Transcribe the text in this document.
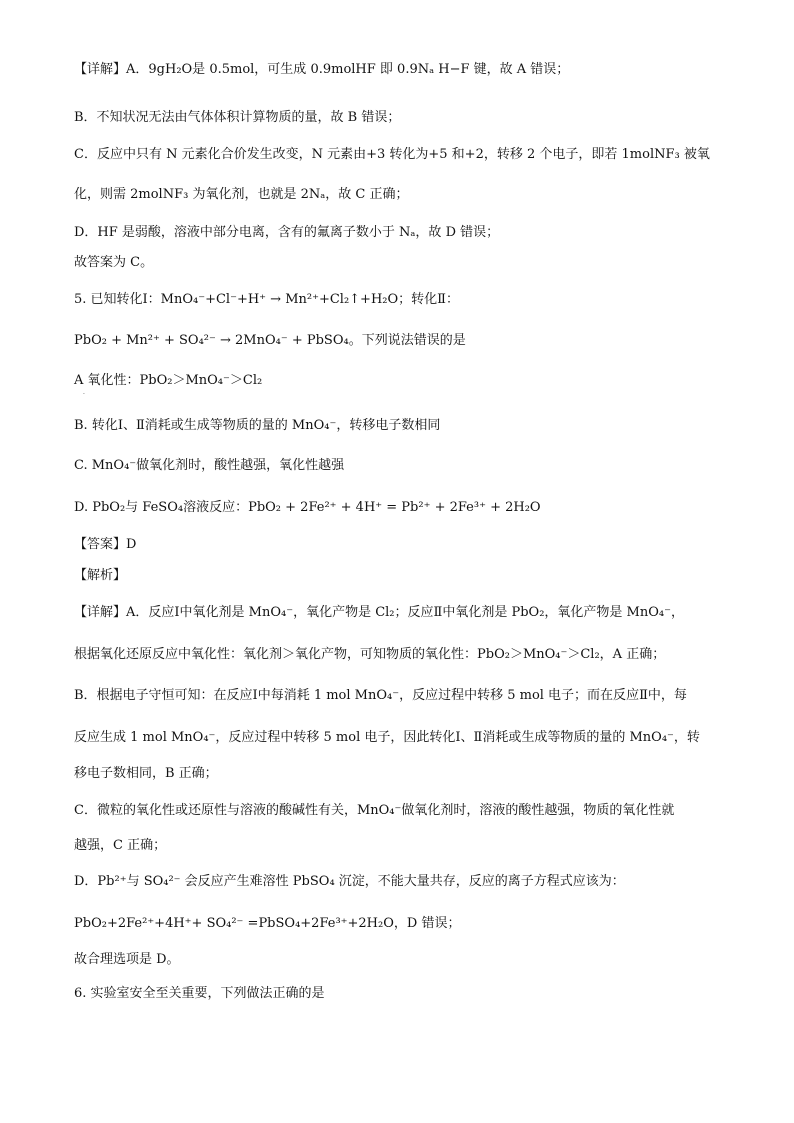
【详解】A．9gH₂O是 0.5mol，可生成 0.9molHF 即 0.9Nₐ H−F 键，故 A 错误；
B．不知状况无法由气体体积计算物质的量，故 B 错误；
C．反应中只有 N 元素化合价发生改变，N 元素由+3 转化为+5 和+2，转移 2 个电子，即若 1molNF₃ 被氧
化，则需 2molNF₃ 为氧化剂，也就是 2Nₐ，故 C 正确；
D．HF 是弱酸，溶液中部分电离，含有的氟离子数小于 Nₐ，故 D 错误；
故答案为 C。
5. 已知转化Ⅰ：MnO₄⁻+Cl⁻+H⁺ → Mn²⁺+Cl₂↑+H₂O；转化Ⅱ：
PbO₂ + Mn²⁺ + SO₄²⁻ → 2MnO₄⁻ + PbSO₄。下列说法错误的是
A 氧化性：PbO₂＞MnO₄⁻＞Cl₂
·
B. 转化Ⅰ、Ⅱ消耗或生成等物质的量的 MnO₄⁻，转移电子数相同
C. MnO₄⁻做氧化剂时，酸性越强，氧化性越强
D. PbO₂与 FeSO₄溶液反应：PbO₂ + 2Fe²⁺ + 4H⁺ = Pb²⁺ + 2Fe³⁺ + 2H₂O
【答案】D
【解析】
【详解】A．反应Ⅰ中氧化剂是 MnO₄⁻，氧化产物是 Cl₂；反应Ⅱ中氧化剂是 PbO₂，氧化产物是 MnO₄⁻，
根据氧化还原反应中氧化性：氧化剂＞氧化产物，可知物质的氧化性：PbO₂＞MnO₄⁻＞Cl₂，A 正确；
B．根据电子守恒可知：在反应Ⅰ中每消耗 1 mol MnO₄⁻，反应过程中转移 5 mol 电子；而在反应Ⅱ中，每
反应生成 1 mol MnO₄⁻，反应过程中转移 5 mol 电子，因此转化Ⅰ、Ⅱ消耗或生成等物质的量的 MnO₄⁻，转
移电子数相同，B 正确；
C．微粒的氧化性或还原性与溶液的酸碱性有关，MnO₄⁻做氧化剂时，溶液的酸性越强，物质的氧化性就
越强，C 正确；
D．Pb²⁺与 SO₄²⁻ 会反应产生难溶性 PbSO₄ 沉淀，不能大量共存，反应的离子方程式应该为：
PbO₂+2Fe²⁺+4H⁺+ SO₄²⁻ =PbSO₄+2Fe³⁺+2H₂O，D 错误；
故合理选项是 D。
6. 实验室安全至关重要，下列做法正确的是
